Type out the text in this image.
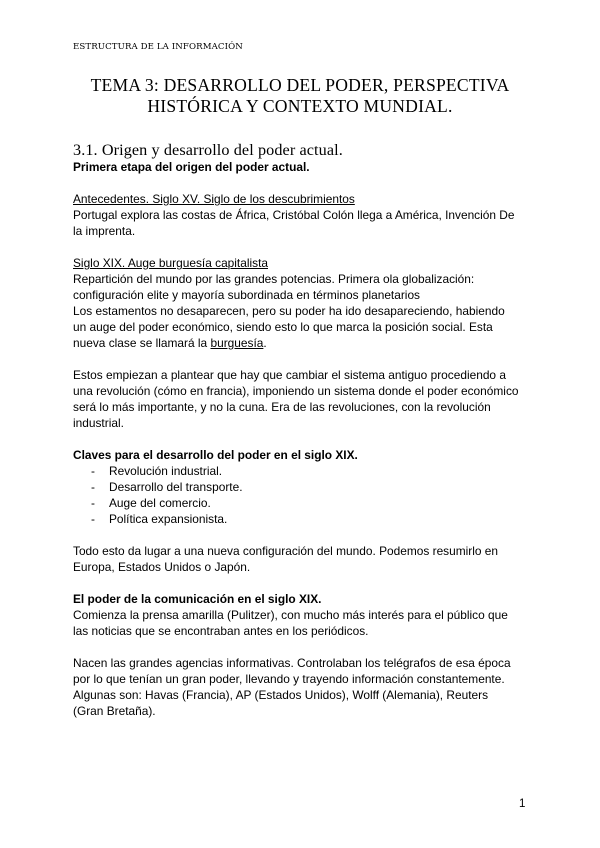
ESTRUCTURA DE LA INFORMACIÓN
TEMA 3: DESARROLLO DEL PODER, PERSPECTIVA
HISTÓRICA Y CONTEXTO MUNDIAL.
3.1. Origen y desarrollo del poder actual.
Primera etapa del origen del poder actual.
Antecedentes. Siglo XV. Siglo de los descubrimientos
Portugal explora las costas de África, Cristóbal Colón llega a América, Invención De
la imprenta.
Siglo XIX. Auge burguesía capitalista
Repartición del mundo por las grandes potencias. Primera ola globalización:
configuración elite y mayoría subordinada en términos planetarios
Los estamentos no desaparecen, pero su poder ha ido desapareciendo, habiendo
un auge del poder económico, siendo esto lo que marca la posición social. Esta
nueva clase se llamará la burguesía.
Estos empiezan a plantear que hay que cambiar el sistema antiguo procediendo a
una revolución (cómo en francia), imponiendo un sistema donde el poder económico
será lo más importante, y no la cuna. Era de las revoluciones, con la revolución
industrial.
Claves para el desarrollo del poder en el siglo XIX.
- Revolución industrial.
- Desarrollo del transporte.
- Auge del comercio.
- Política expansionista.
Todo esto da lugar a una nueva configuración del mundo. Podemos resumirlo en
Europa, Estados Unidos o Japón.
El poder de la comunicación en el siglo XIX.
Comienza la prensa amarilla (Pulitzer), con mucho más interés para el público que
las noticias que se encontraban antes en los periódicos.
Nacen las grandes agencias informativas. Controlaban los telégrafos de esa época
por lo que tenían un gran poder, llevando y trayendo información constantemente.
Algunas son: Havas (Francia), AP (Estados Unidos), Wolff (Alemania), Reuters
(Gran Bretaña).
1
